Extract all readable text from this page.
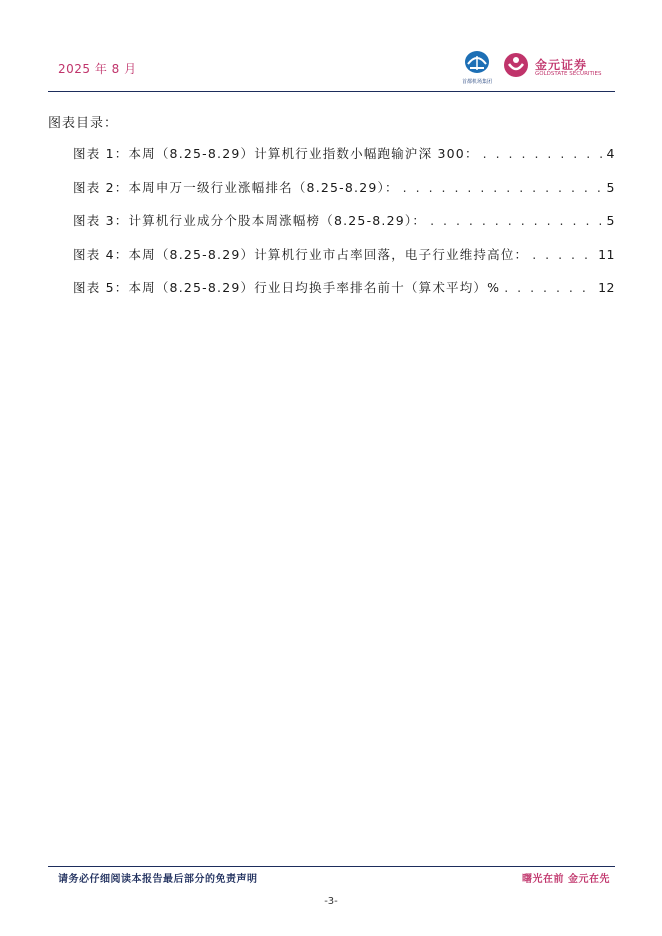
2025 年 8 月
首都机场集团
金元证券
GOLDSTATE SECURITIES
图表目录：
图表 1： 本周（8.25-8.29）计算机行业指数小幅跑输沪深 300： . . .	4
图表 2： 本周申万一级行业涨幅排名（8.25-8.29）： . . .	5
图表 3： 计算机行业成分个股本周涨幅榜（8.25-8.29）： . . .	5
图表 4： 本周（8.25-8.29）计算机行业市占率回落，电子行业维持高位： . . .	11
图表 5： 本周（8.25-8.29）行业日均换手率排名前十（算术平均）% . . .	12
请务必仔细阅读本报告最后部分的免责声明	曙光在前 金元在先
-3-
